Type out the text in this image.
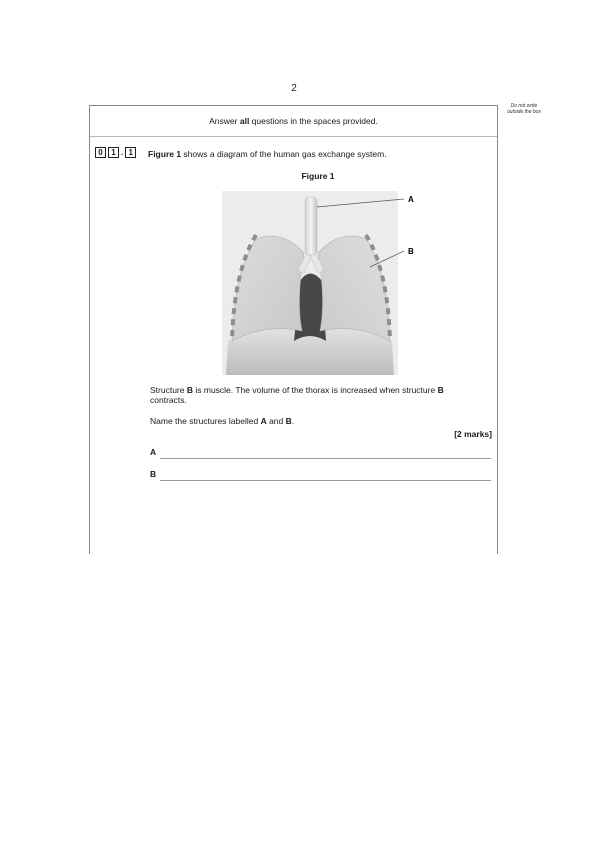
2
Do not write outside the box
Answer all questions in the spaces provided.
0	1 . 1	Figure 1 shows a diagram of the human gas exchange system.
Figure 1
A
B
Structure B is muscle. The volume of the thorax is increased when structure B
contracts.
Name the structures labelled A and B.
[2 marks]
A
B
